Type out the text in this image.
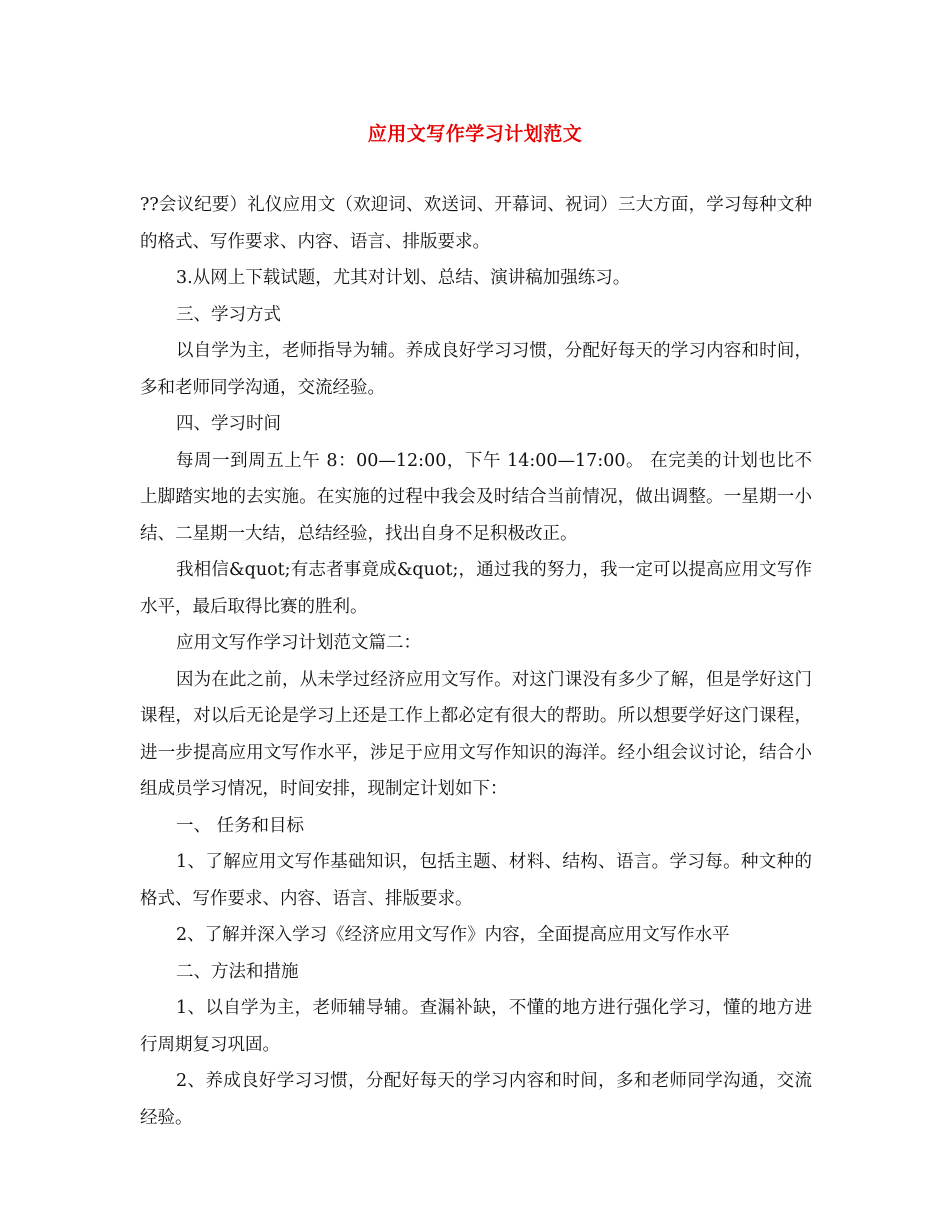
应用文写作学习计划范文

??会议纪要）礼仪应用文（欢迎词、欢送词、开幕词、祝词）三大方面，学习每种文种的格式、写作要求、内容、语言、排版要求。

3.从网上下载试题，尤其对计划、总结、演讲稿加强练习。

三、学习方式

以自学为主，老师指导为辅。养成良好学习习惯，分配好每天的学习内容和时间，多和老师同学沟通，交流经验。

四、学习时间

每周一到周五上午 8：00—12:00，下午 14:00—17:00。 在完美的计划也比不上脚踏实地的去实施。在实施的过程中我会及时结合当前情况，做出调整。一星期一小结、二星期一大结，总结经验，找出自身不足积极改正。

我相信&quot;有志者事竟成&quot;，通过我的努力，我一定可以提高应用文写作水平，最后取得比赛的胜利。

应用文写作学习计划范文篇二：

因为在此之前，从未学过经济应用文写作。对这门课没有多少了解，但是学好这门课程，对以后无论是学习上还是工作上都必定有很大的帮助。所以想要学好这门课程，进一步提高应用文写作水平，涉足于应用文写作知识的海洋。经小组会议讨论，结合小组成员学习情况，时间安排，现制定计划如下：

一、 任务和目标

1、了解应用文写作基础知识，包括主题、材料、结构、语言。学习每。种文种的格式、写作要求、内容、语言、排版要求。

2、了解并深入学习《经济应用文写作》内容，全面提高应用文写作水平

二、方法和措施

1、以自学为主，老师辅导辅。查漏补缺，不懂的地方进行强化学习，懂的地方进行周期复习巩固。

2、养成良好学习习惯，分配好每天的学习内容和时间，多和老师同学沟通，交流经验。
